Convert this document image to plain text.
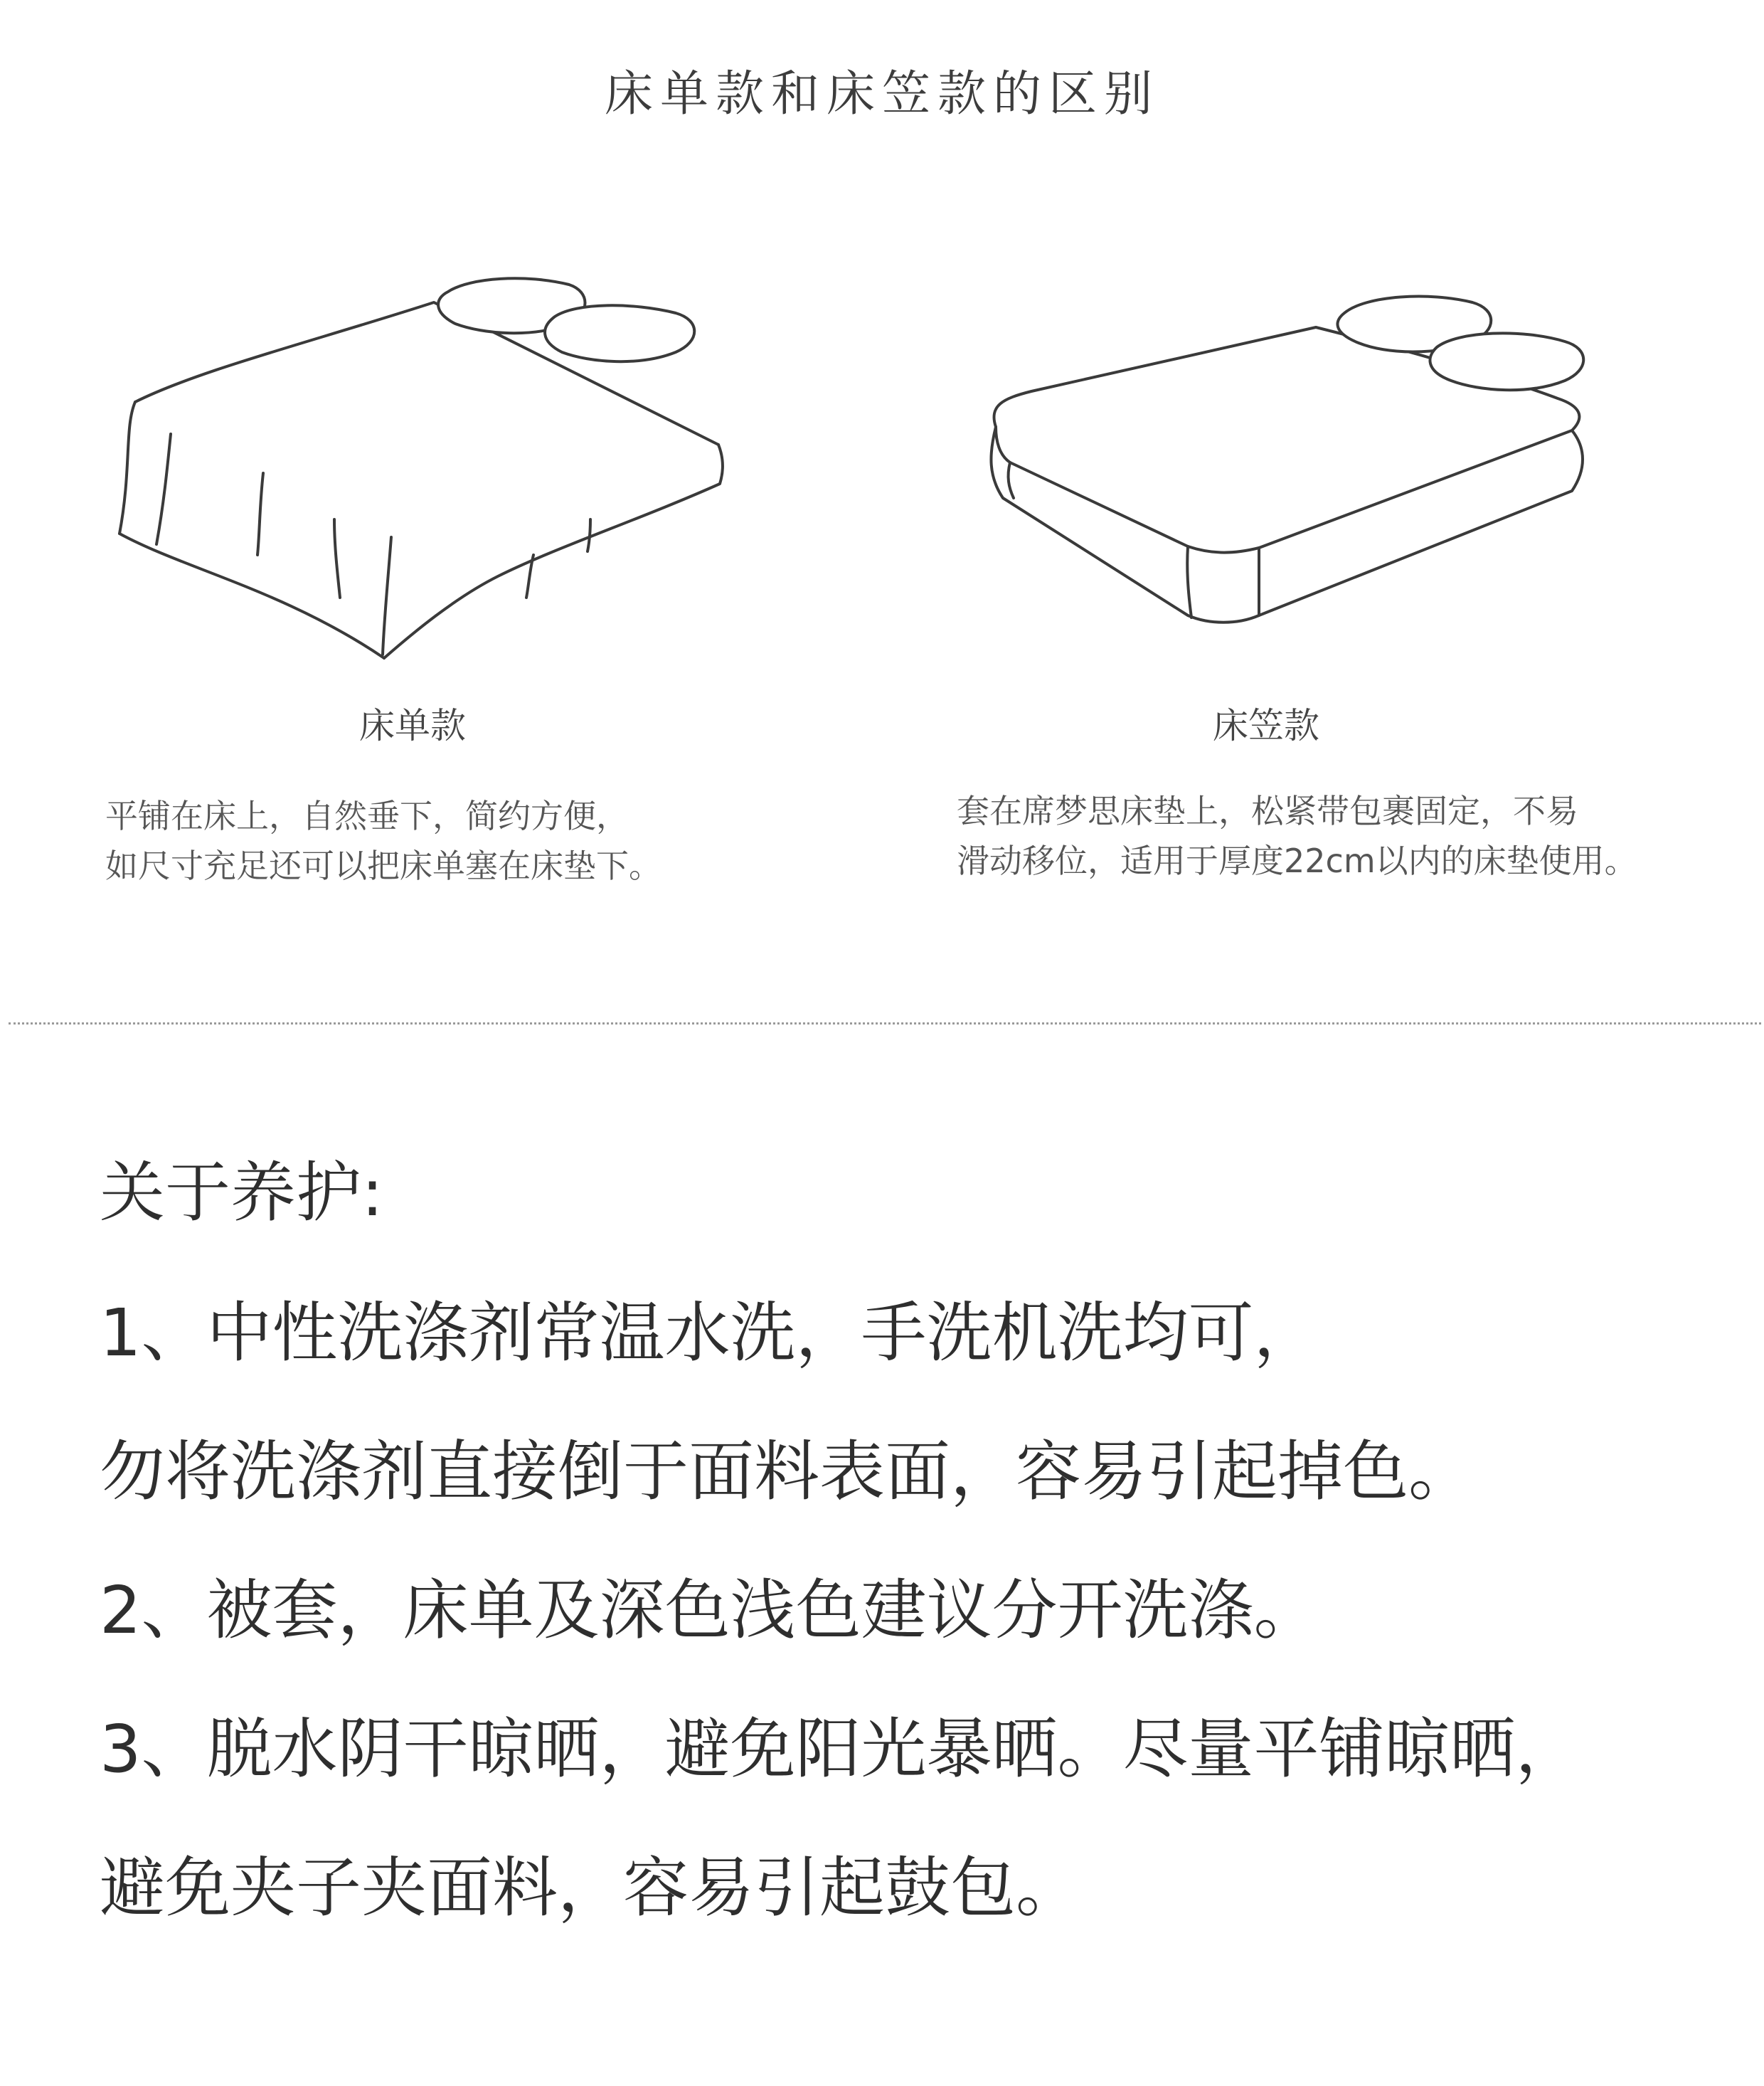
床单款和床笠款的区别
床单款	床笠款
平铺在床上，自然垂下，简约方便，
如尺寸充足还可以把床单塞在床垫下。
套在席梦思床垫上，松紧带包裹固定，不易
滑动移位，适用于厚度22cm以内的床垫使用。
关于养护:
1、中性洗涤剂常温水洗，手洗机洗均可，
勿将洗涤剂直接倒于面料表面，容易引起掉色。
2、被套，床单及深色浅色建议分开洗涤。
3、脱水阴干晾晒，避免阳光暴晒。尽量平铺晾晒，
避免夹子夹面料，容易引起鼓包。
